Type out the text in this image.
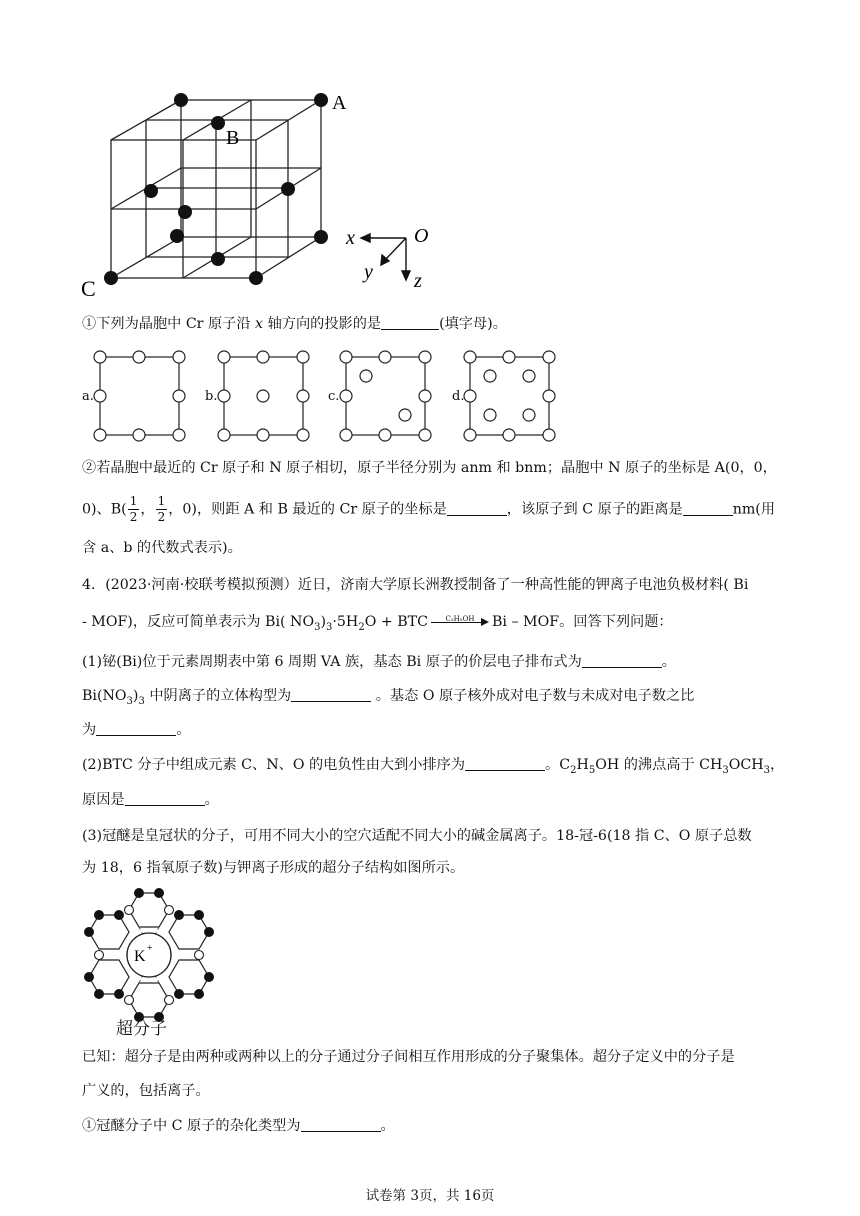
A
B
C
x	O
y z
①下列为晶胞中 Cr 原子沿 x 轴方向的投影的是	(填字母)。
a.	b.	c.	d.
②若晶胞中最近的 Cr 原子和 N 原子相切，原子半径分别为 anm 和 bnm；晶胞中 N 原子的坐标是 A(0，0，
0)、$B( \frac{1}{2}$ ， $\frac{1}{2}$ ，0)，则距 A 和 B 最近的 Cr 原子的坐标是	，该原子到 C 原子的距离是	nm(用
含 a、b 的代数式表示)。
4．(2023·河南·校联考模拟预测）近日，济南大学原长洲教授制备了一种高性能的钾离子电池负极材料( Bi
- MOF)，反应可简单表示为 Bi( $NO_3)_3\cdot 5H_2O$ + BTC	C₂H₅OH	Bi – MOF。回答下列问题：
(1)铋(Bi)位于元素周期表中第 6 周期 VA 族，基态 Bi 原子的价层电子排布式为	。
$Bi(NO_3)_3$ 中阴离子的立体构型为	。基态 O 原子核外成对电子数与未成对电子数之比
为	。
(2)BTC 分子中组成元素 C、N、O 的电负性由大到小排序为	。$C_2H_5OH$ 的沸点高于 $CH_3OCH_3$，
原因是	。
(3)冠醚是皇冠状的分子，可用不同大小的空穴适配不同大小的碱金属离子。18-冠-6(18 指 C、O 原子总数
为 18，6 指氧原子数)与钾离子形成的超分子结构如图所示。
K +
超分子
已知：超分子是由两种或两种以上的分子通过分子间相互作用形成的分子聚集体。超分子定义中的分子是
广义的，包括离子。
①冠醚分子中 C 原子的杂化类型为	。
试卷第 3页，共 16页
